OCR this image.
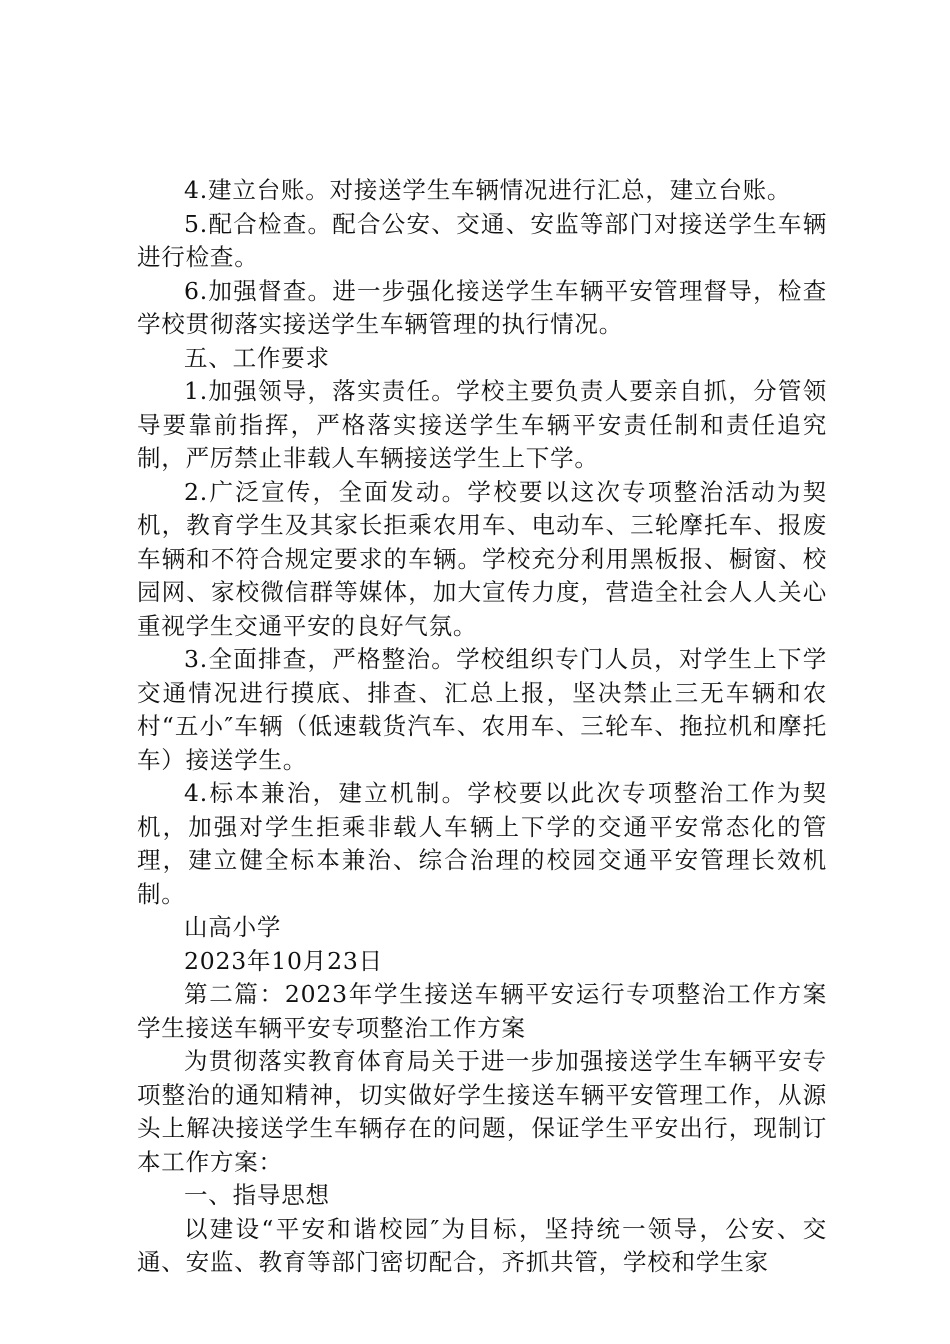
4.建立台账。对接送学生车辆情况进行汇总，建立台账。

5.配合检查。配合公安、交通、安监等部门对接送学生车辆进行检查。

6.加强督查。进一步强化接送学生车辆平安管理督导，检查学校贯彻落实接送学生车辆管理的执行情况。

五、工作要求

1.加强领导，落实责任。学校主要负责人要亲自抓，分管领导要靠前指挥，严格落实接送学生车辆平安责任制和责任追究制，严厉禁止非载人车辆接送学生上下学。

2.广泛宣传，全面发动。学校要以这次专项整治活动为契机，教育学生及其家长拒乘农用车、电动车、三轮摩托车、报废车辆和不符合规定要求的车辆。学校充分利用黑板报、橱窗、校园网、家校微信群等媒体，加大宣传力度，营造全社会人人关心重视学生交通平安的良好气氛。

3.全面排查，严格整治。学校组织专门人员，对学生上下学交通情况进行摸底、排查、汇总上报，坚决禁止三无车辆和农村“五小″车辆（低速载货汽车、农用车、三轮车、拖拉机和摩托车）接送学生。

4.标本兼治，建立机制。学校要以此次专项整治工作为契机，加强对学生拒乘非载人车辆上下学的交通平安常态化的管理，建立健全标本兼治、综合治理的校园交通平安管理长效机制。

山高小学

2023年10月23日

第二篇：2023年学生接送车辆平安运行专项整治工作方案学生接送车辆平安专项整治工作方案

为贯彻落实教育体育局关于进一步加强接送学生车辆平安专项整治的通知精神，切实做好学生接送车辆平安管理工作，从源头上解决接送学生车辆存在的问题，保证学生平安出行，现制订本工作方案：

一、指导思想

以建设“平安和谐校园″为目标，坚持统一领导，公安、交通、安监、教育等部门密切配合，齐抓共管，学校和学生家
